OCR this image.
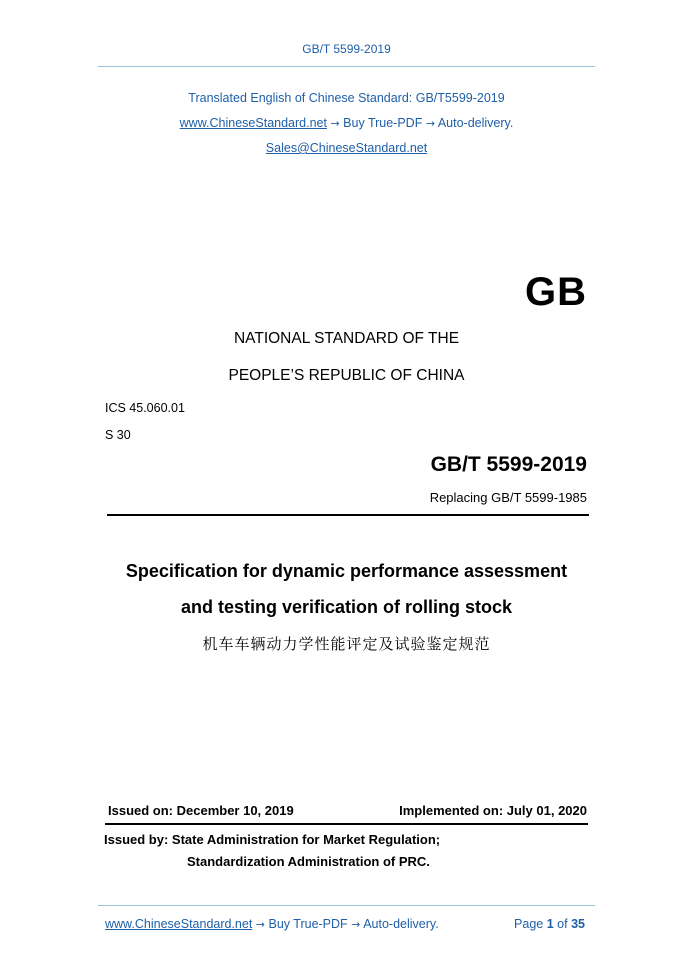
GB/T 5599-2019
Translated English of Chinese Standard: GB/T5599-2019
www.ChineseStandard.net → Buy True-PDF → Auto-delivery.
Sales@ChineseStandard.net
GB
NATIONAL STANDARD OF THE
PEOPLE’S REPUBLIC OF CHINA
ICS 45.060.01
S 30
GB/T 5599-2019
Replacing GB/T 5599-1985
Specification for dynamic performance assessment
and testing verification of rolling stock
机车车辆动力学性能评定及试验鉴定规范
Issued on: December 10, 2019	Implemented on: July 01, 2020
Issued by: State Administration for Market Regulation;
Standardization Administration of PRC.
www.ChineseStandard.net → Buy True-PDF → Auto-delivery.	Page 1 of 35
